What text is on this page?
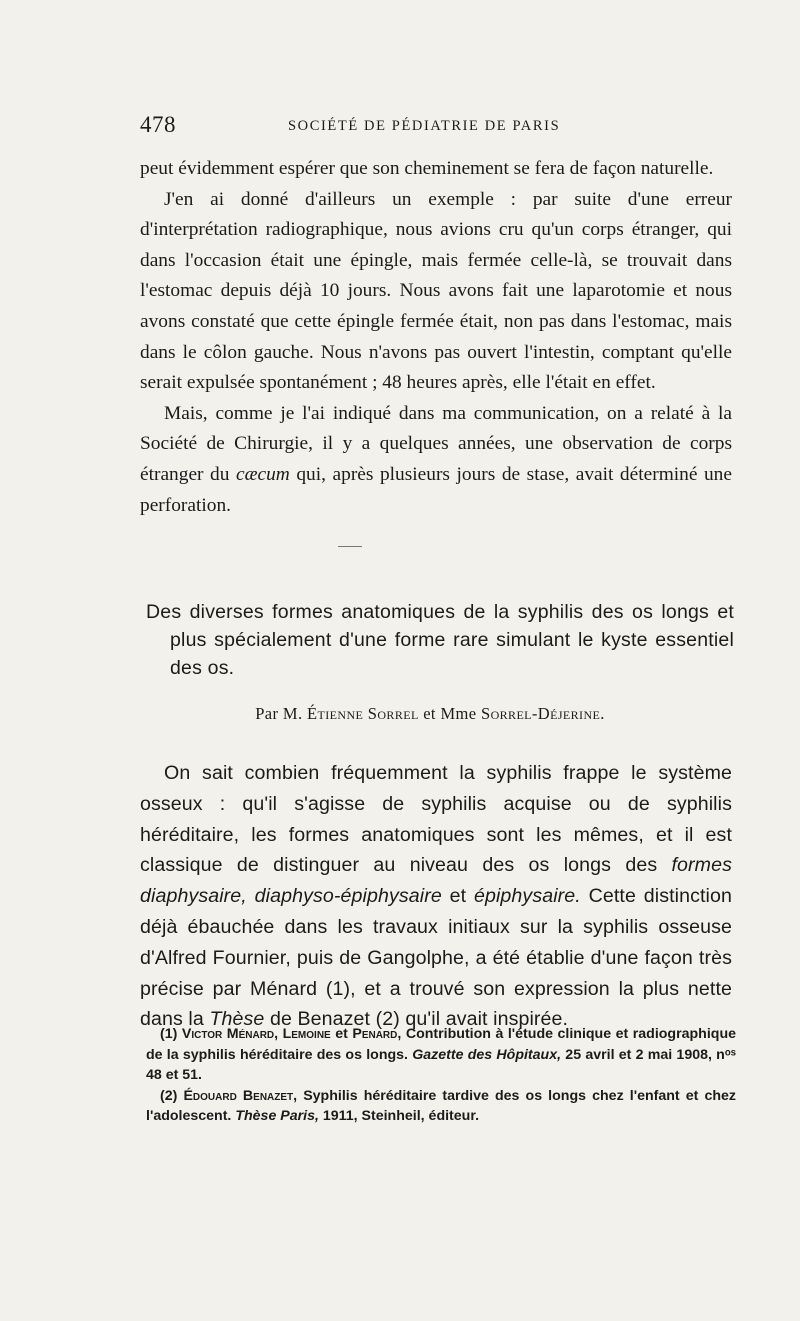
478	SOCIÉTÉ DE PÉDIATRIE DE PARIS

peut évidemment espérer que son cheminement se fera de façon naturelle.

J'en ai donné d'ailleurs un exemple : par suite d'une erreur d'interprétation radiographique, nous avions cru qu'un corps étranger, qui dans l'occasion était une épingle, mais fermée celle-là, se trouvait dans l'estomac depuis déjà 10 jours. Nous avons fait une laparotomie et nous avons constaté que cette épingle fermée était, non pas dans l'estomac, mais dans le côlon gauche. Nous n'avons pas ouvert l'intestin, comptant qu'elle serait expulsée spontanément ; 48 heures après, elle l'était en effet.

Mais, comme je l'ai indiqué dans ma communication, on a relaté à la Société de Chirurgie, il y a quelques années, une observation de corps étranger du cæcum qui, après plusieurs jours de stase, avait déterminé une perforation.

Des diverses formes anatomiques de la syphilis des os longs et plus spécialement d'une forme rare simulant le kyste essentiel des os.

Par M. Étienne Sorrel et Mme Sorrel-Déjerine.

On sait combien fréquemment la syphilis frappe le système osseux : qu'il s'agisse de syphilis acquise ou de syphilis héréditaire, les formes anatomiques sont les mêmes, et il est classique de distinguer au niveau des os longs des formes diaphysaire, diaphyso-épiphysaire et épiphysaire. Cette distinction déjà ébauchée dans les travaux initiaux sur la syphilis osseuse d'Alfred Fournier, puis de Gangolphe, a été établie d'une façon très précise par Ménard (1), et a trouvé son expression la plus nette dans la Thèse de Benazet (2) qu'il avait inspirée.

(1) Victor Ménard, Lemoine et Penard, Contribution à l'étude clinique et radiographique de la syphilis héréditaire des os longs. Gazette des Hôpitaux, 25 avril et 2 mai 1908, nᵒˢ 48 et 51.

(2) Édouard Benazet, Syphilis héréditaire tardive des os longs chez l'enfant et chez l'adolescent. Thèse Paris, 1911, Steinheil, éditeur.
